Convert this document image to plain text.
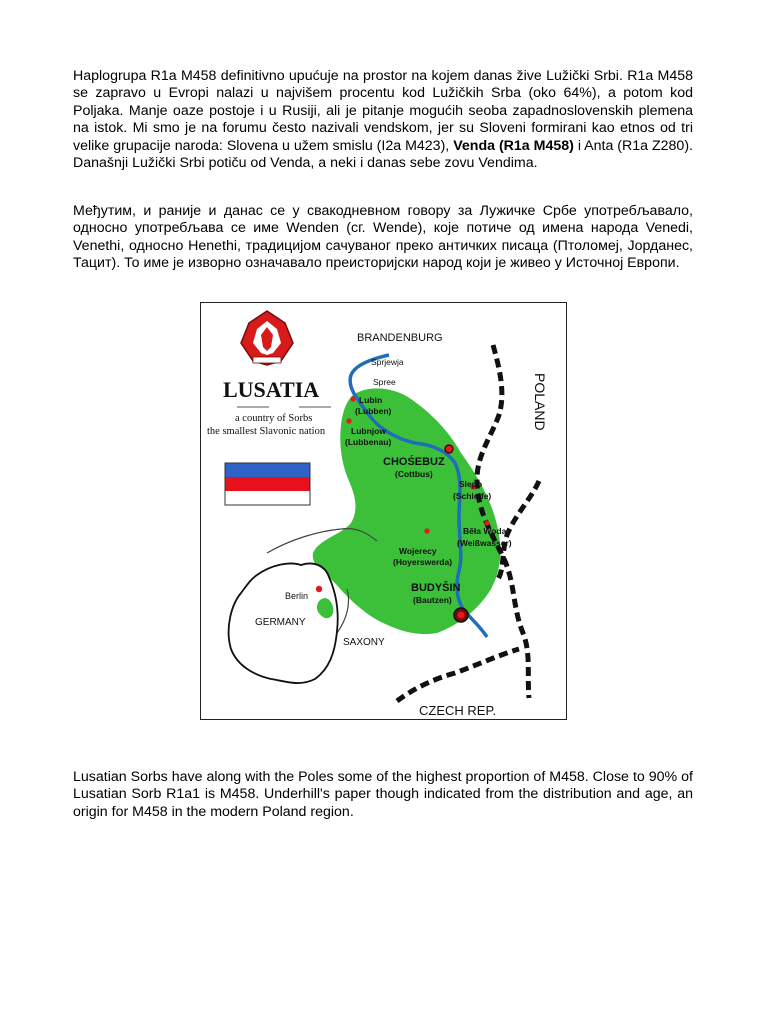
Haplogrupa R1a M458 definitivno upućuje na prostor na kojem danas žive Lužički Srbi. R1a M458 se zapravo u Evropi nalazi u najvišem procentu kod Lužičkih Srba (oko 64%), a potom kod Poljaka. Manje oaze postoje i u Rusiji, ali je pitanje mogućih seoba zapadnoslovenskih plemena na istok. Mi smo je na forumu često nazivali vendskom, jer su Sloveni formirani kao etnos od tri velike grupacije naroda: Slovena u užem smislu (I2a M423), Venda (R1a M458) i Anta (R1a Z280). Današnji Lužički Srbi potiču od Venda, a neki i danas sebe zovu Vendima.

Међутим, и раније и данас се у свакодневном говору за Лужичке Србе употребљавало, односно употребљава се име Wenden (сг. Wende), које потиче од имена народа Venedi, Venethi, односно Henethi, традицијом сачуваног преко античких писаца (Птоломеј, Јорданес, Тацит). То име је изворно означавало преисторијски народ који је живео у Источној Европи.

LUSATIA
a country of Sorbs
the smallest Slavonic nation
BRANDENBURG
Sprjewja
Spree	POLAND
CZECH REP.
SAXONY
GERMANY
Berlin
Lubin
(Lubben)
Lubnjow
(Lubbenau)
CHOŚEBUZ
(Cottbus)
Slepo
(Schleife)
Běła Woda
(Weißwasser)
Wojerecy
(Hoyerswerda)
BUDYŠIN
(Bautzen)

Lusatian Sorbs have along with the Poles some of the highest proportion of M458. Close to 90% of Lusatian Sorb R1a1 is M458. Underhill's paper though indicated from the distribution and age, an origin for M458 in the modern Poland region.
